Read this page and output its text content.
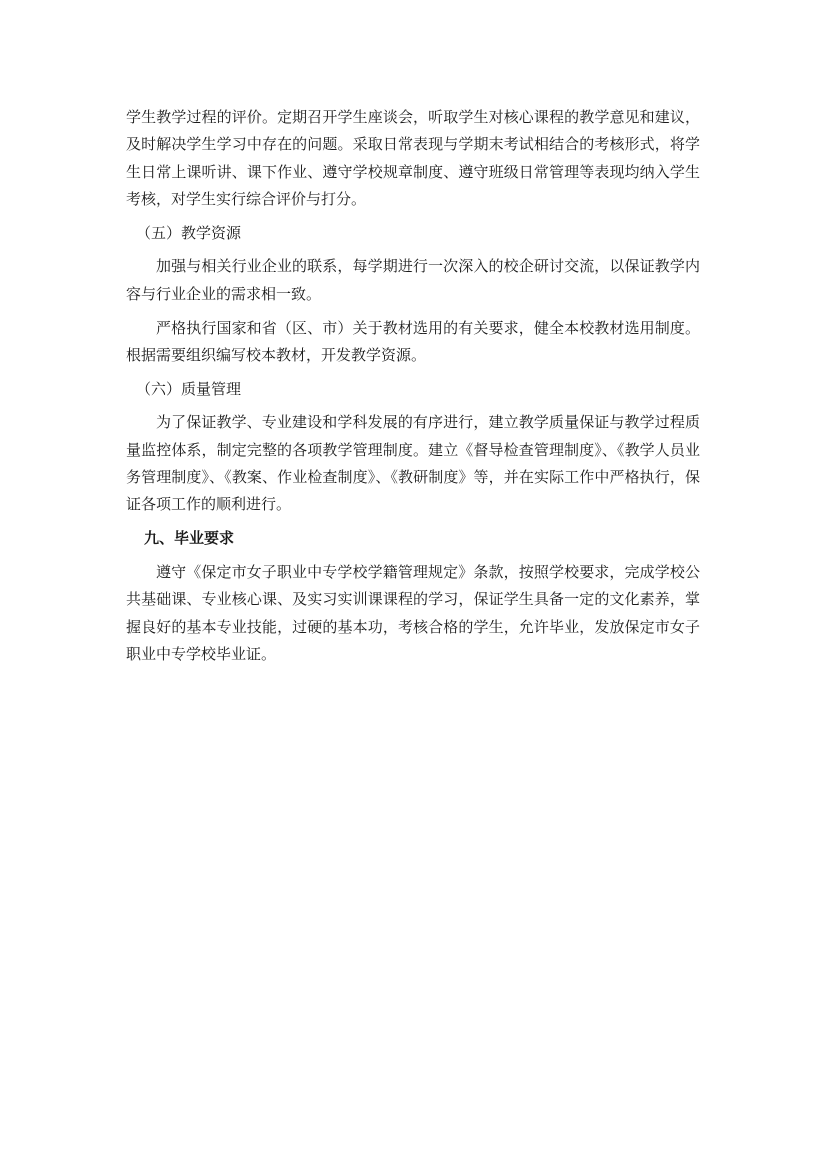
学生教学过程的评价。定期召开学生座谈会，听取学生对核心课程的教学意见和建议，及时解决学生学习中存在的问题。采取日常表现与学期末考试相结合的考核形式，将学生日常上课听讲、课下作业、遵守学校规章制度、遵守班级日常管理等表现均纳入学生考核，对学生实行综合评价与打分。

（五）教学资源

加强与相关行业企业的联系，每学期进行一次深入的校企研讨交流，以保证教学内容与行业企业的需求相一致。

严格执行国家和省（区、市）关于教材选用的有关要求，健全本校教材选用制度。根据需要组织编写校本教材，开发教学资源。

（六）质量管理

为了保证教学、专业建设和学科发展的有序进行，建立教学质量保证与教学过程质量监控体系，制定完整的各项教学管理制度。建立《督导检查管理制度》、《教学人员业务管理制度》、《教案、作业检查制度》、《教研制度》等，并在实际工作中严格执行，保证各项工作的顺利进行。

九、毕业要求

遵守《保定市女子职业中专学校学籍管理规定》条款，按照学校要求，完成学校公共基础课、专业核心课、及实习实训课课程的学习，保证学生具备一定的文化素养，掌握良好的基本专业技能，过硬的基本功，考核合格的学生，允许毕业，发放保定市女子职业中专学校毕业证。
